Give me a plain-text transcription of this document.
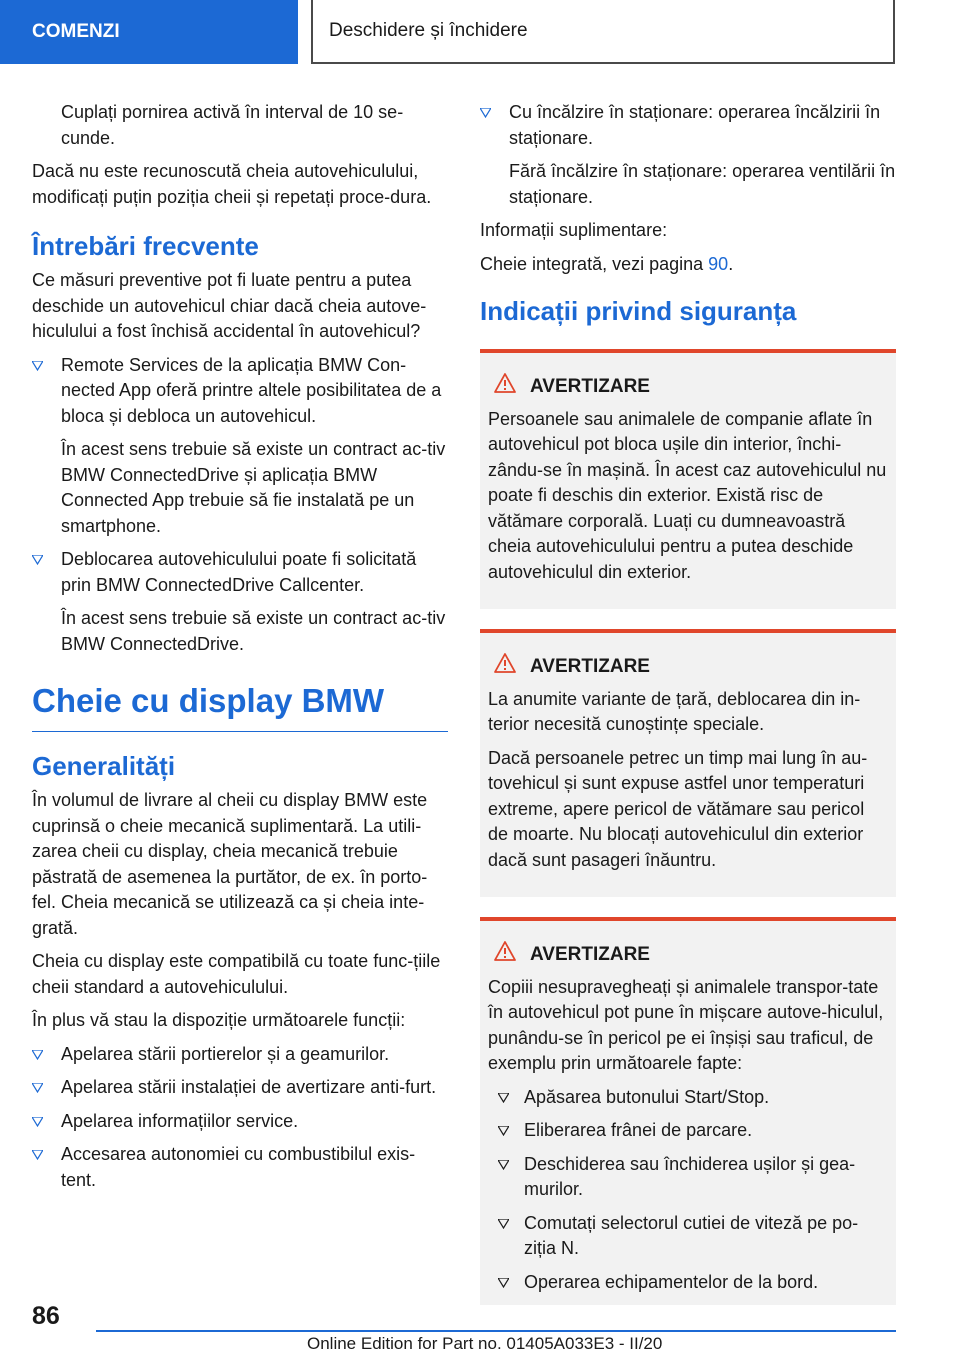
COMENZI	Deschidere și închidere

Cuplați pornirea activă în interval de 10 se-cunde.

Dacă nu este recunoscută cheia autovehiculului, modificați puțin poziția cheii și repetați proce-dura.

Întrebări frecvente

Ce măsuri preventive pot fi luate pentru a putea deschide un autovehicul chiar dacă cheia autove-hiculului a fost închisă accidental în autovehicul?

Remote Services de la aplicația BMW Con-nected App oferă printre altele posibilitatea de a bloca și debloca un autovehicul.

În acest sens trebuie să existe un contract ac-tiv BMW ConnectedDrive și aplicația BMW Connected App trebuie să fie instalată pe un smartphone.

Deblocarea autovehiculului poate fi solicitată prin BMW ConnectedDrive Callcenter.

În acest sens trebuie să existe un contract ac-tiv BMW ConnectedDrive.

Cheie cu display BMW
Generalități

În volumul de livrare al cheii cu display BMW este cuprinsă o cheie mecanică suplimentară. La utili-zarea cheii cu display, cheia mecanică trebuie păstrată de asemenea la purtător, de ex. în porto-fel. Cheia mecanică se utilizează ca și cheia inte-grată.

Cheia cu display este compatibilă cu toate func-țiile cheii standard a autovehiculului.

În plus vă stau la dispoziție următoarele funcții:

Apelarea stării portierelor și a geamurilor.
Apelarea stării instalației de avertizare anti-furt.
Apelarea informațiilor service.
Accesarea autonomiei cu combustibilul exis-tent.
Cu încălzire în staționare: operarea încălzirii în staționare.

Fără încălzire în staționare: operarea ventilării în staționare.

Informații suplimentare:

Cheie integrată, vezi pagina 90.

Indicații privind siguranța
AVERTIZARE

Persoanele sau animalele de companie aflate în autovehicul pot bloca ușile din interior, închi-zându-se în mașină. În acest caz autovehiculul nu poate fi deschis din exterior. Există risc de vătămare corporală. Luați cu dumneavoastră cheia autovehiculului pentru a putea deschide autovehiculul din exterior.

AVERTIZARE

La anumite variante de țară, deblocarea din in-terior necesită cunoștințe speciale.

Dacă persoanele petrec un timp mai lung în au-tovehicul și sunt expuse astfel unor temperaturi extreme, apere pericol de vătămare sau pericol de moarte. Nu blocați autovehiculul din exterior dacă sunt pasageri înăuntru.

AVERTIZARE

Copiii nesupravegheați și animalele transpor-tate în autovehicul pot pune în mișcare autove-hiculul, punându-se în pericol pe ei înșiși sau traficul, de exemplu prin următoarele fapte:

Apăsarea butonului Start/Stop.
Eliberarea frânei de parcare.
Deschiderea sau închiderea ușilor și gea-murilor.
Comutați selectorul cutiei de viteză pe po-ziția N.
Operarea echipamentelor de la bord.
86
Online Edition for Part no. 01405A033E3 - II/20
